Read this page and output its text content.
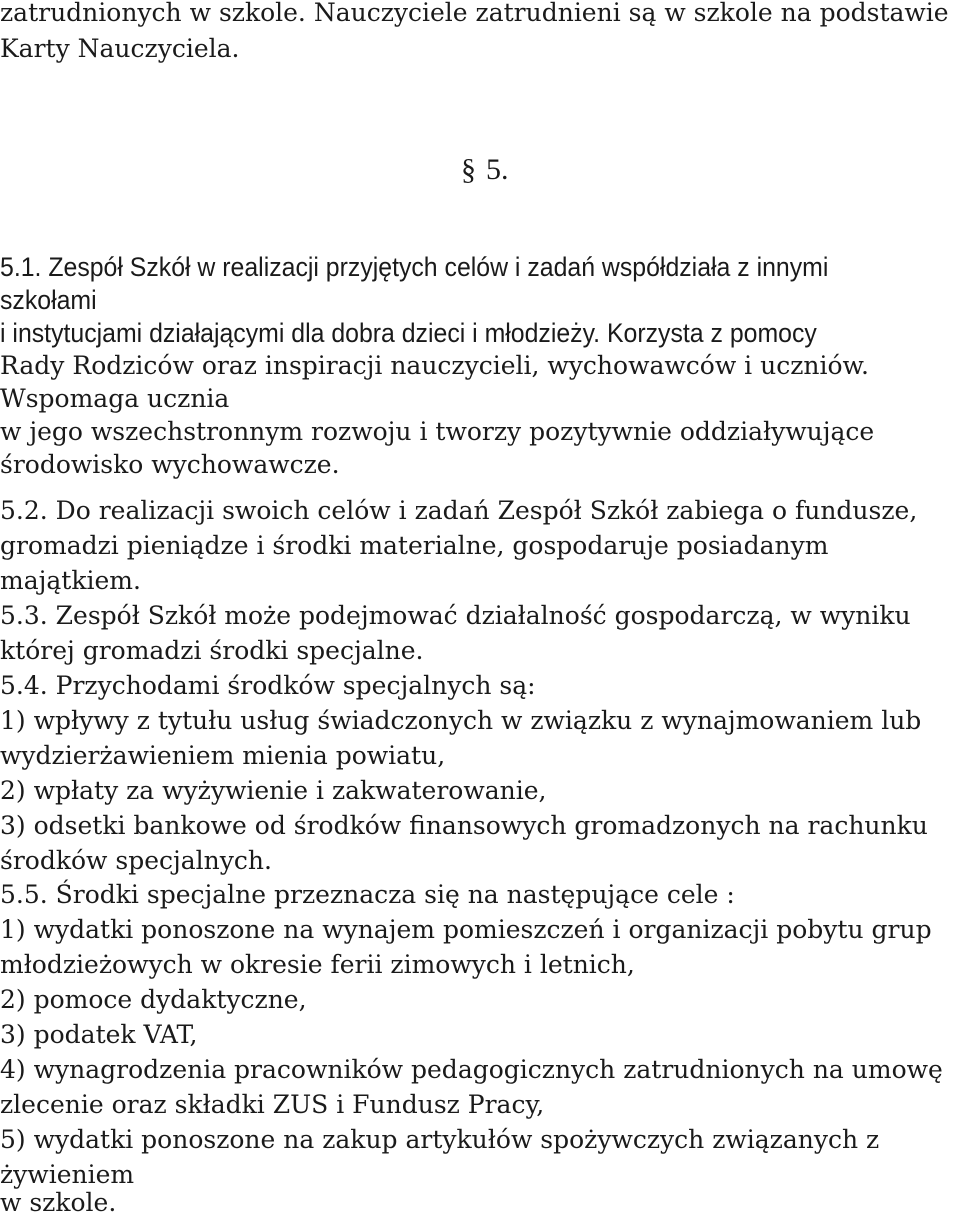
zatrudnionych w szkole. Nauczyciele zatrudnieni są w szkole na podstawie

Karty Nauczyciela.

§ 5.

5.1. Zespół Szkół w realizacji przyjętych celów i zadań współdziała z innymi

szkołami

i instytucjami działającymi dla dobra dzieci i młodzieży. Korzysta z pomocy

Rady Rodziców oraz inspiracji nauczycieli, wychowawców i uczniów.

Wspomaga ucznia

w jego wszechstronnym rozwoju i tworzy pozytywnie oddziaływujące

środowisko wychowawcze.

5.2. Do realizacji swoich celów i zadań Zespół Szkół zabiega o fundusze,

gromadzi pieniądze i środki materialne, gospodaruje posiadanym

majątkiem.

5.3. Zespół Szkół może podejmować działalność gospodarczą, w wyniku

której gromadzi środki specjalne.

5.4. Przychodami środków specjalnych są:

1) wpływy z tytułu usług świadczonych w związku z wynajmowaniem lub

wydzierżawieniem mienia powiatu,

2) wpłaty za wyżywienie i zakwaterowanie,

3) odsetki bankowe od środków finansowych gromadzonych na rachunku

środków specjalnych.

5.5. Środki specjalne przeznacza się na następujące cele :

1) wydatki ponoszone na wynajem pomieszczeń i organizacji pobytu grup

młodzieżowych w okresie ferii zimowych i letnich,

2) pomoce dydaktyczne,

3) podatek VAT,

4) wynagrodzenia pracowników pedagogicznych zatrudnionych na umowę

zlecenie oraz składki ZUS i Fundusz Pracy,

5) wydatki ponoszone na zakup artykułów spożywczych związanych z

żywieniem

w szkole.
